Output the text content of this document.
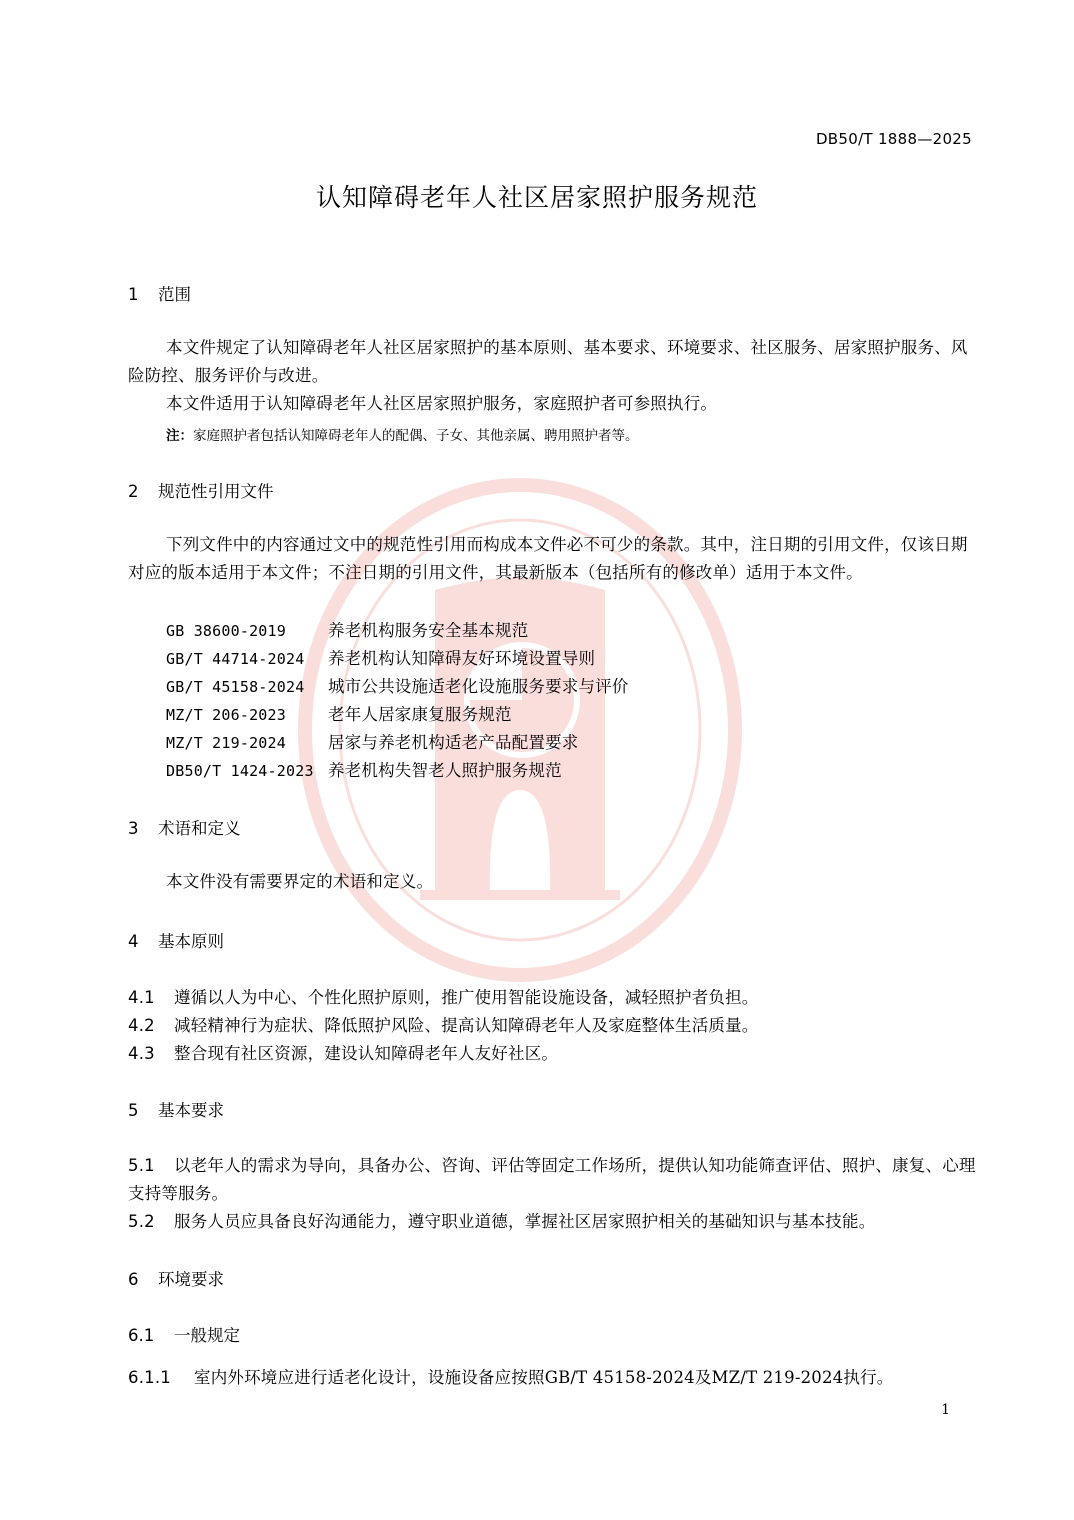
DB50/T 1888—2025
认知障碍老年人社区居家照护服务规范
1 范围
本文件规定了认知障碍老年人社区居家照护的基本原则、基本要求、环境要求、社区服务、居家照护服务、风险防控、服务评价与改进。
本文件适用于认知障碍老年人社区居家照护服务，家庭照护者可参照执行。
注：家庭照护者包括认知障碍老年人的配偶、子女、其他亲属、聘用照护者等。
2 规范性引用文件
下列文件中的内容通过文中的规范性引用而构成本文件必不可少的条款。其中，注日期的引用文件，仅该日期对应的版本适用于本文件；不注日期的引用文件，其最新版本（包括所有的修改单）适用于本文件。
GB 38600-2019	养老机构服务安全基本规范
GB/T 44714-2024 养老机构认知障碍友好环境设置导则
GB/T 45158-2024 城市公共设施适老化设施服务要求与评价
MZ/T 206-2023	老年人居家康复服务规范
MZ/T 219-2024	居家与养老机构适老产品配置要求
DB50/T 1424-2023 养老机构失智老人照护服务规范
3 术语和定义
本文件没有需要界定的术语和定义。
4 基本原则
4.1 遵循以人为中心、个性化照护原则，推广使用智能设施设备，减轻照护者负担。
4.2 减轻精神行为症状、降低照护风险、提高认知障碍老年人及家庭整体生活质量。
4.3 整合现有社区资源，建设认知障碍老年人友好社区。
5 基本要求
5.1 以老年人的需求为导向，具备办公、咨询、评估等固定工作场所，提供认知功能筛查评估、照护、康复、心理支持等服务。
5.2 服务人员应具备良好沟通能力，遵守职业道德，掌握社区居家照护相关的基础知识与基本技能。
6 环境要求
6.1 一般规定
6.1.1 室内外环境应进行适老化设计，设施设备应按照GB/T 45158-2024及MZ/T 219-2024执行。
1
